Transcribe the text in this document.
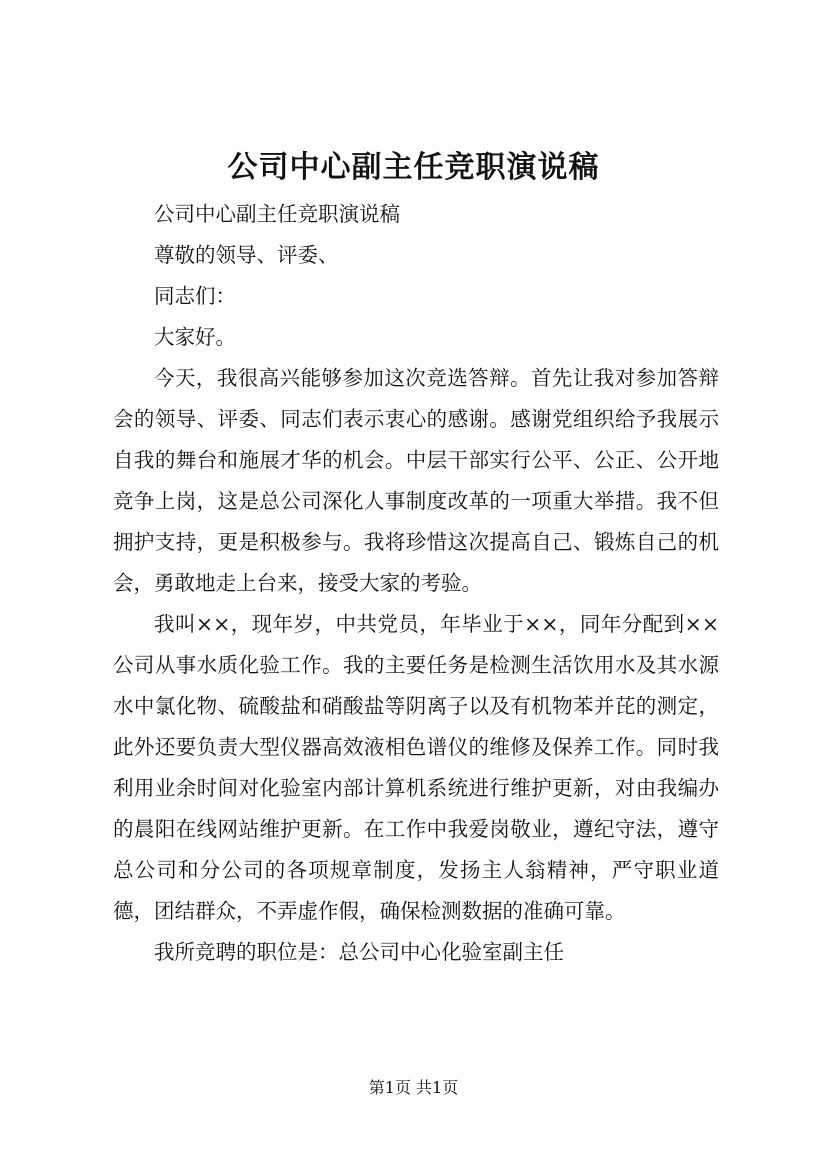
公司中心副主任竞职演说稿

公司中心副主任竞职演说稿

尊敬的领导、评委、

同志们：

大家好。

今天，我很高兴能够参加这次竞选答辩。首先让我对参加答辩会的领导、评委、同志们表示衷心的感谢。感谢党组织给予我展示自我的舞台和施展才华的机会。中层干部实行公平、公正、公开地竞争上岗，这是总公司深化人事制度改革的一项重大举措。我不但拥护支持，更是积极参与。我将珍惜这次提高自己、锻炼自己的机会，勇敢地走上台来，接受大家的考验。

我叫××，现年岁，中共党员，年毕业于××，同年分配到××公司从事水质化验工作。我的主要任务是检测生活饮用水及其水源水中氯化物、硫酸盐和硝酸盐等阴离子以及有机物苯并芘的测定，此外还要负责大型仪器高效液相色谱仪的维修及保养工作。同时我利用业余时间对化验室内部计算机系统进行维护更新，对由我编办的晨阳在线网站维护更新。在工作中我爱岗敬业，遵纪守法，遵守总公司和分公司的各项规章制度，发扬主人翁精神，严守职业道德，团结群众，不弄虚作假，确保检测数据的准确可靠。

我所竞聘的职位是：总公司中心化验室副主任

第1页 共1页
